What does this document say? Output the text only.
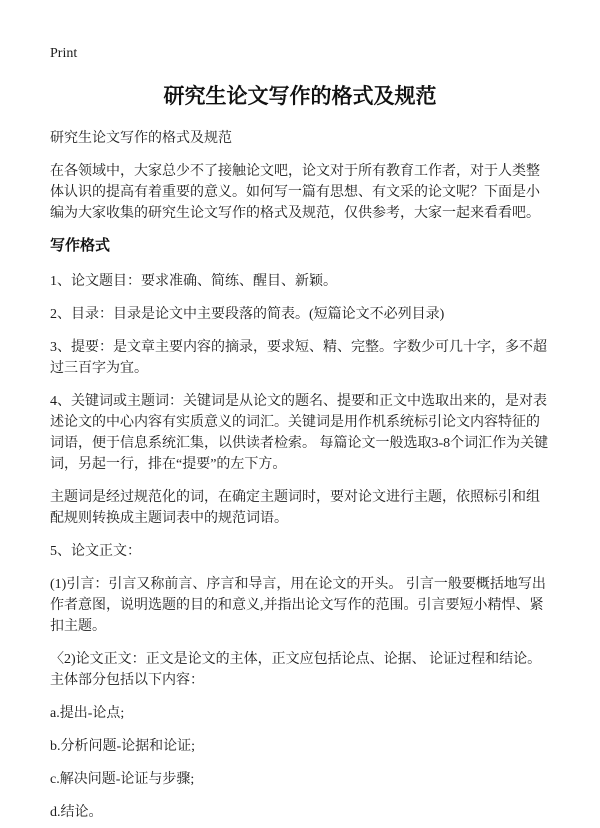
Print

研究生论文写作的格式及规范

研究生论文写作的格式及规范

在各领域中，大家总少不了接触论文吧，论文对于所有教育工作者，对于人类整体认识的提高有着重要的意义。如何写一篇有思想、有文采的论文呢？下面是小编为大家收集的研究生论文写作的格式及规范，仅供参考，大家一起来看看吧。

写作格式

1、论文题目：要求准确、简练、醒目、新颖。

2、目录：目录是论文中主要段落的简表。(短篇论文不必列目录)

3、提要：是文章主要内容的摘录，要求短、精、完整。字数少可几十字，多不超过三百字为宜。

4、关键词或主题词：关键词是从论文的题名、提要和正文中选取出来的，是对表述论文的中心内容有实质意义的词汇。关键词是用作机系统标引论文内容特征的词语，便于信息系统汇集，以供读者检索。 每篇论文一般选取3-8个词汇作为关键词，另起一行，排在“提要”的左下方。

主题词是经过规范化的词，在确定主题词时，要对论文进行主题，依照标引和组配规则转换成主题词表中的规范词语。

5、论文正文：

(1)引言：引言又称前言、序言和导言，用在论文的开头。 引言一般要概括地写出作者意图，说明选题的目的和意义,并指出论文写作的范围。引言要短小精悍、紧扣主题。

〈2)论文正文：正文是论文的主体，正文应包括论点、论据、 论证过程和结论。主体部分包括以下内容：

a.提出-论点;

b.分析问题-论据和论证;

c.解决问题-论证与步骤;

d.结论。
